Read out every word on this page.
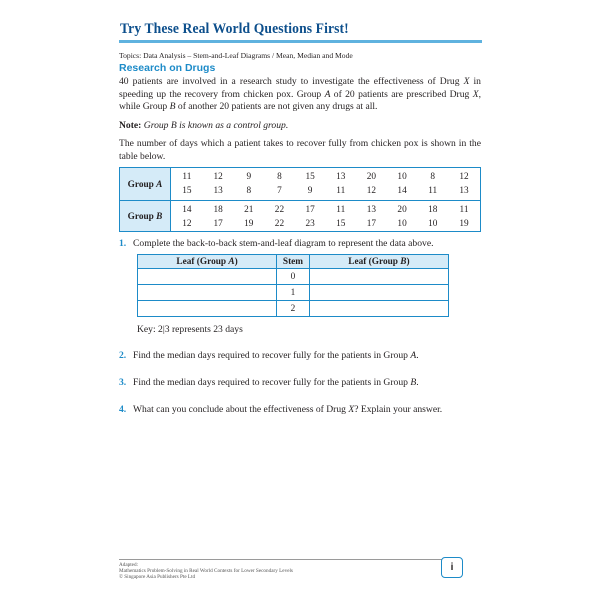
Try These Real World Questions First!
Topics: Data Analysis – Stem-and-Leaf Diagrams / Mean, Median and Mode
Research on Drugs
40 patients are involved in a research study to investigate the effectiveness of Drug X in speeding up the recovery from chicken pox. Group A of 20 patients are prescribed Drug X, while Group B of another 20 patients are not given any drugs at all.
Note: Group B is known as a control group.
The number of days which a patient takes to recover fully from chicken pox is shown in the table below.
Group A	11	12	9	8	15	13	20	10	8	12
	15	13	8	7	9	11	12	14	11	13
Group B	14	18	21	22	17	11	13	20	18	11
	12	17	19	22	23	15	17	10	10	19
1. Complete the back-to-back stem-and-leaf diagram to represent the data above.
Leaf (Group A)	Stem	Leaf (Group B)
	0	
	1	
	2	
Key: 2|3 represents 23 days
2. Find the median days required to recover fully for the patients in Group A.
3. Find the median days required to recover fully for the patients in Group B.
4. What can you conclude about the effectiveness of Drug X? Explain your answer.
Adapted:
Mathematics Problem-Solving in Real World Contexts for Lower Secondary Levels
© Singapore Asia Publishers Pte Ltd
i
